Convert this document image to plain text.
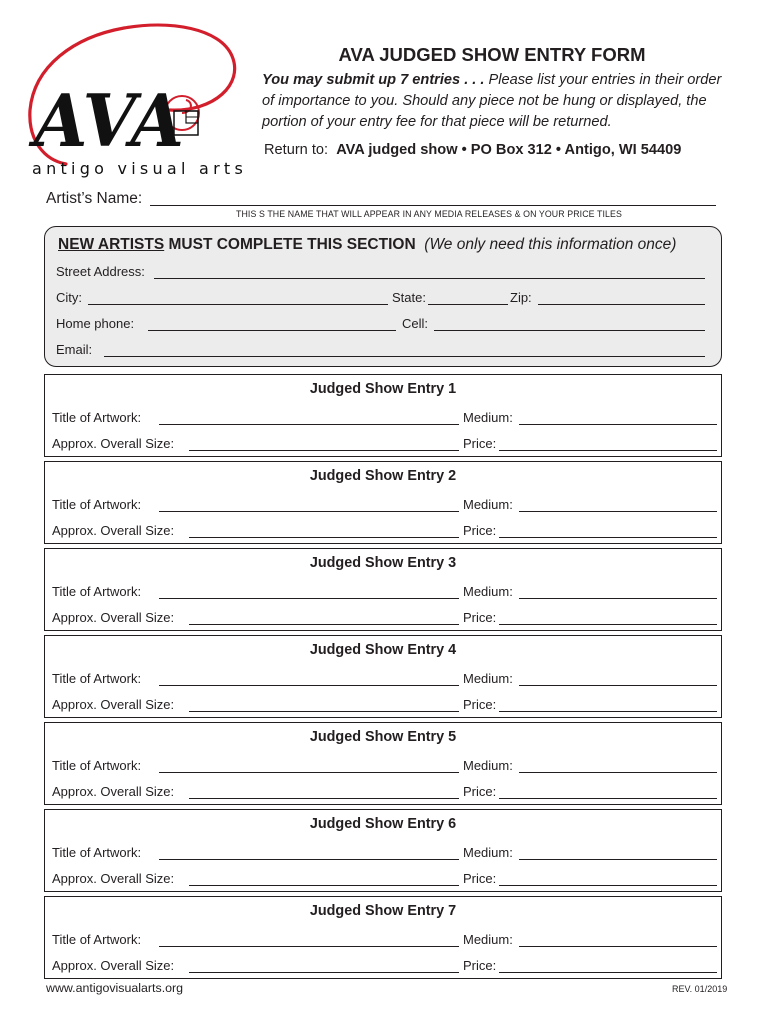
AVA
antigo visual arts
AVA JUDGED SHOW ENTRY FORM
You may submit up 7 entries . . . Please list your entries in their order of importance to you. Should any piece not be hung or displayed, the portion of your entry fee for that piece will be returned.
Return to: AVA judged show • PO Box 312 • Antigo, WI 54409
Artist’s Name:
THIS S THE NAME THAT WILL APPEAR IN ANY MEDIA RELEASES & ON YOUR PRICE TILES
NEW ARTISTS MUST COMPLETE THIS SECTION (We only need this information once)
Street Address:
City:	State:	Zip:
Home phone:	Cell:
Email:
Judged Show Entry 1
Title of Artwork:	Medium:
Approx. Overall Size:	Price:
Judged Show Entry 2
Title of Artwork:	Medium:
Approx. Overall Size:	Price:
Judged Show Entry 3
Title of Artwork:	Medium:
Approx. Overall Size:	Price:
Judged Show Entry 4
Title of Artwork:	Medium:
Approx. Overall Size:	Price:
Judged Show Entry 5
Title of Artwork:	Medium:
Approx. Overall Size:	Price:
Judged Show Entry 6
Title of Artwork:	Medium:
Approx. Overall Size:	Price:
Judged Show Entry 7
Title of Artwork:	Medium:
Approx. Overall Size:	Price:
www.antigovisualarts.org	REV. 01/2019
